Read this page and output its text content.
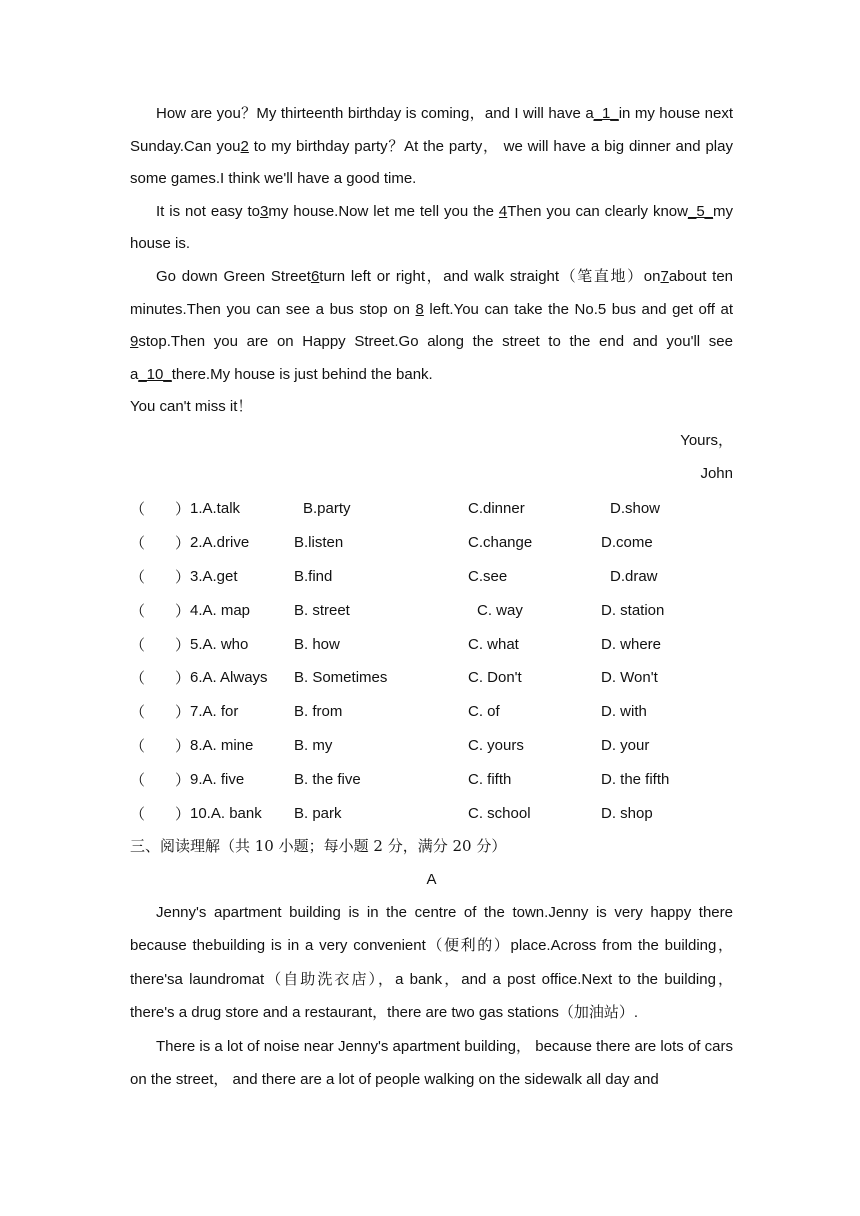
How are you？My thirteenth birthday is coming，and I will have a_1_in my house next Sunday.Can you2 to my birthday party？At the party， we will have a big dinner and play some games.I think we'll have a good time.

It is not easy to3my house.Now let me tell you the 4Then you can clearly know_5_my house is.

Go down Green Street6turn left or right，and walk straight（笔直地）on7about ten minutes.Then you can see a bus stop on 8 left.You can take the No.5 bus and get off at 9stop.Then you are on Happy Street.Go along the street to the end and you'll see a_10_there.My house is just behind the bank.

You can't miss it！

Yours，

John

（　　） 1.A.talk	B.party	C.dinner	D.show
（　　） 2.A.drive	B.listen	C.change	D.come
（　　） 3.A.get	B.find	C.see	D.draw
（　　） 4.A. map	B. street	C. way	D. station
（　　） 5.A. who	B. how	C. what	D. where
（　　） 6.A. Always	B. Sometimes	C. Don't	D. Won't
（　　） 7.A. for	B. from	C. of	D. with
（　　） 8.A. mine	B. my	C. yours	D. your
（　　） 9.A. five	B. the five	C. fifth	D. the fifth
（　　） 10.A. bank	B. park	C. school	D. shop

三、阅读理解（共 10 小题；每小题 2 分，满分 20 分）

A

Jenny's apartment building is in the centre of the town.Jenny is very happy there because thebuilding is in a very convenient（便利的）place.Across from the building，there'sa laundromat（自助洗衣店），a bank，and a post office.Next to the building，there's a drug store and a restaurant，there are two gas stations（加油站）.

There is a lot of noise near Jenny's apartment building， because there are lots of cars on the street， and there are a lot of people walking on the sidewalk all day and
